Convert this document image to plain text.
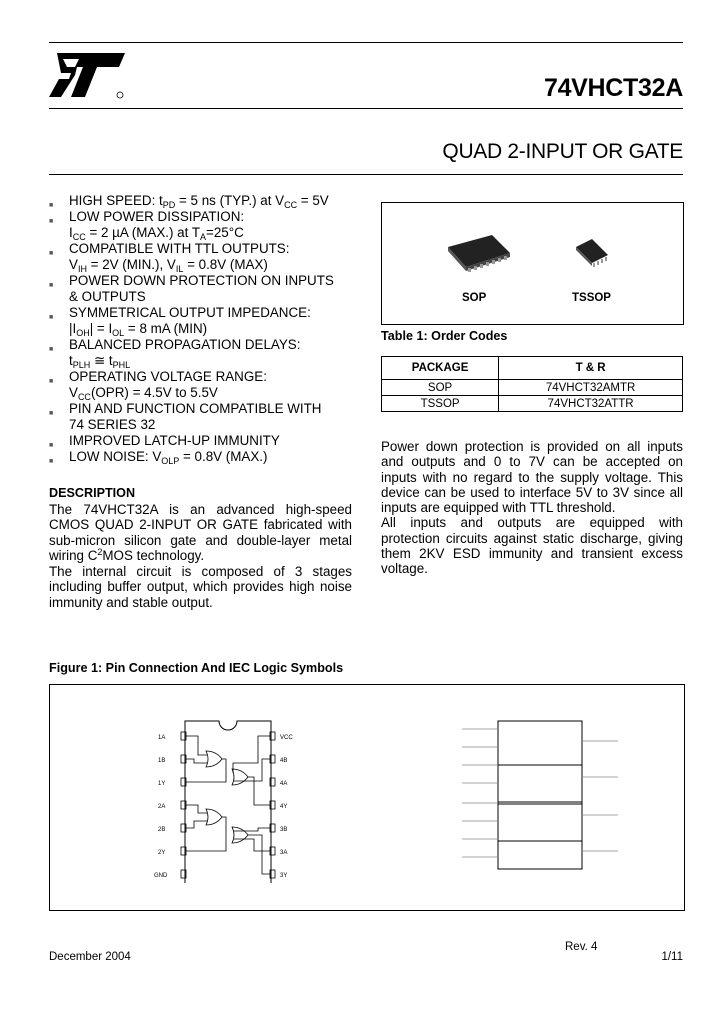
74VHCT32A
QUAD 2-INPUT OR GATE
■ HIGH SPEED: $t_{PD} = 5$ ns (TYP.) at $V_{CC} = 5V$
■ LOW POWER DISSIPATION:
$I_{CC} = 2$ µA (MAX.) at $T_A=25^\circ C$
■ COMPATIBLE WITH TTL OUTPUTS:
$V_{IH} = 2V$ (MIN.), $V_{IL} = 0.8V$ (MAX)
■ POWER DOWN PROTECTION ON INPUTS
& OUTPUTS
■ SYMMETRICAL OUTPUT IMPEDANCE:
$|I_{OH}| = I_{OL} = 8$ mA (MIN)
■ BALANCED PROPAGATION DELAYS:
$t_{PLH}$ ≅ $t_{PHL}$
■ OPERATING VOLTAGE RANGE:
$V_{CC}(OPR) = 4.5V$ to 5.5V
■ PIN AND FUNCTION COMPATIBLE WITH
74 SERIES 32
■ IMPROVED LATCH-UP IMMUNITY
■ LOW NOISE: $V_{OLP} = 0.8V$ (MAX.)
DESCRIPTION
The 74VHCT32A is an advanced high-speed
CMOS QUAD 2-INPUT OR GATE fabricated with
sub-micron silicon gate and double-layer metal
wiring $C^2MOS$ technology.
The internal circuit is composed of 3 stages
including buffer output, which provides high noise
immunity and stable output.
SOP	TSSOP
Table 1: Order Codes
PACKAGE	T & R
SOP	74VHCT32AMTR
TSSOP	74VHCT32ATTR
Power down protection is provided on all inputs
and outputs and 0 to 7V can be accepted on
inputs with no regard to the supply voltage. This
device can be used to interface 5V to 3V since all
inputs are equipped with TTL threshold.
All inputs and outputs are equipped with
protection circuits against static discharge, giving
them 2KV ESD immunity and transient excess
voltage.
Figure 1: Pin Connection And IEC Logic Symbols
1A
1B
1Y
2A
2B
2Y
GND
VCC
4B
4A
4Y
3B
3A
3Y
Rev. 4
December 2004	1/11
